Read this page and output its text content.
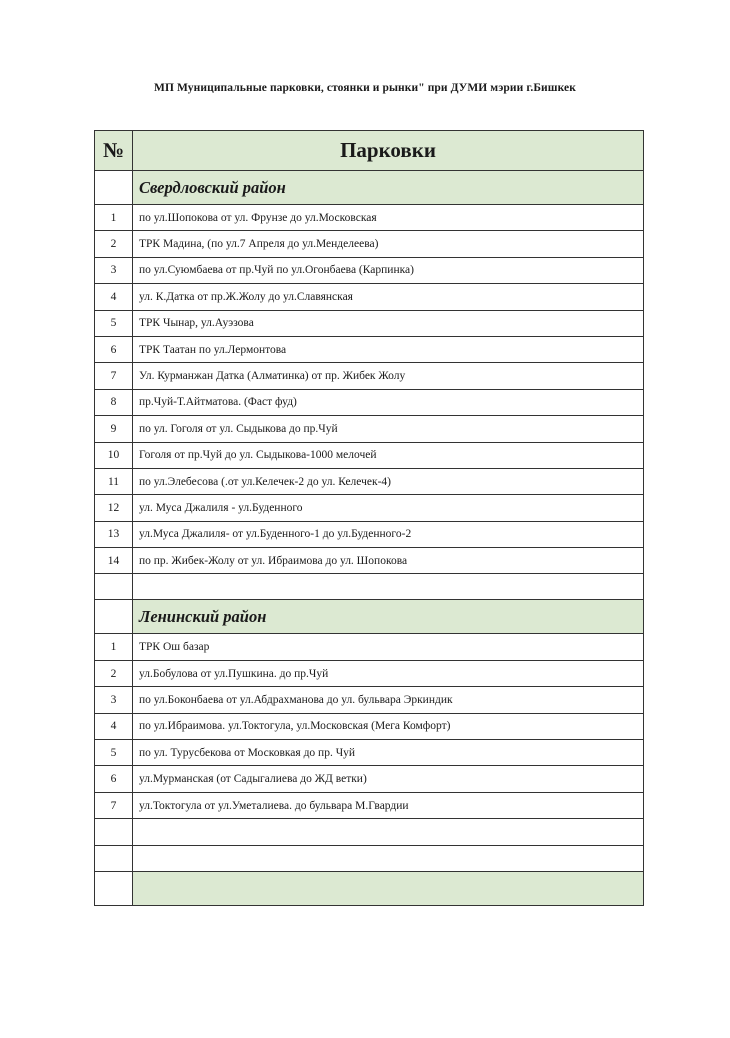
МП Муниципальные парковки, стоянки и рынки" при ДУМИ мэрии г.Бишкек
№	Парковки
	Свердловский район
1	по ул.Шопокова от ул. Фрунзе до ул.Московская
2	ТРК Мадина, (по ул.7 Апреля до ул.Менделеева)
3	по ул.Суюмбаева от пр.Чуй по ул.Огонбаева (Карпинка)
4	ул. К.Датка от пр.Ж.Жолу до ул.Славянская
5	ТРК Чынар, ул.Ауэзова
6	ТРК Таатан по ул.Лермонтова
7	Ул. Курманжан Датка (Алматинка) от пр. Жибек Жолу
8	пр.Чуй-Т.Айтматова. (Фаст фуд)
9	по ул. Гоголя от ул. Сыдыкова до пр.Чуй
10	Гоголя от пр.Чуй до ул. Сыдыкова-1000 мелочей
11	по ул.Элебесова (.от ул.Келечек-2 до ул. Келечек-4)
12	ул. Муса Джалиля - ул.Буденного
13	ул.Муса Джалиля- от ул.Буденного-1 до ул.Буденного-2
14	по пр. Жибек-Жолу от ул. Ибраимова до ул. Шопокова

	Ленинский район
1	ТРК Ош базар
2	ул.Бобулова от ул.Пушкина. до пр.Чуй
3	по ул.Боконбаева от ул.Абдрахманова до ул. бульвара Эркиндик
4	по ул.Ибраимова. ул.Токтогула, ул.Московская (Мега Комфорт)
5	по ул. Турусбекова от Московкая до пр. Чуй
6	ул.Мурманская (от Садыгалиева до ЖД ветки)
7	ул.Токтогула от ул.Уметалиева. до бульвара М.Гвардии
